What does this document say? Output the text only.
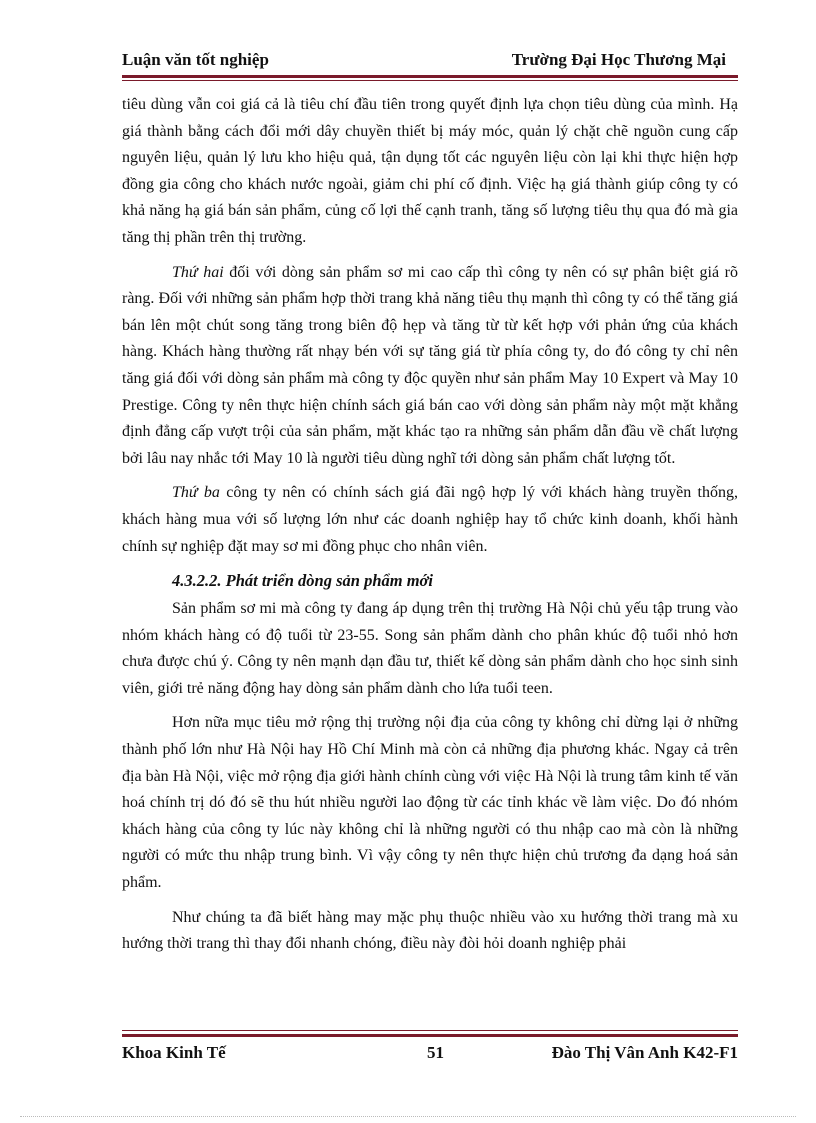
Luận văn tốt nghiệp	Trường Đại Học Thương Mại

tiêu dùng vẫn coi giá cả là tiêu chí đầu tiên trong quyết định lựa chọn tiêu dùng của mình. Hạ giá thành bằng cách đổi mới dây chuyền thiết bị máy móc, quản lý chặt chẽ nguồn cung cấp nguyên liệu, quản lý lưu kho hiệu quả, tận dụng tốt các nguyên liệu còn lại khi thực hiện hợp đồng gia công cho khách nước ngoài, giảm chi phí cố định. Việc hạ giá thành giúp công ty có khả năng hạ giá bán sản phẩm, củng cố lợi thế cạnh tranh, tăng số lượng tiêu thụ qua đó mà gia tăng thị phần trên thị trường.

Thứ hai đối với dòng sản phẩm sơ mi cao cấp thì công ty nên có sự phân biệt giá rõ ràng. Đối với những sản phẩm hợp thời trang khả năng tiêu thụ mạnh thì công ty có thể tăng giá bán lên một chút song tăng trong biên độ hẹp và tăng từ từ kết hợp với phản ứng của khách hàng. Khách hàng thường rất nhạy bén với sự tăng giá từ phía công ty, do đó công ty chỉ nên tăng giá đối với dòng sản phẩm mà công ty độc quyền như sản phẩm May 10 Expert và May 10 Prestige. Công ty nên thực hiện chính sách giá bán cao với dòng sản phẩm này một mặt khẳng định đẳng cấp vượt trội của sản phẩm, mặt khác tạo ra những sản phẩm dẫn đầu về chất lượng bởi lâu nay nhắc tới May 10 là người tiêu dùng nghĩ tới dòng sản phẩm chất lượng tốt.

Thứ ba công ty nên có chính sách giá đãi ngộ hợp lý với khách hàng truyền thống, khách hàng mua với số lượng lớn như các doanh nghiệp hay tổ chức kinh doanh, khối hành chính sự nghiệp đặt may sơ mi đồng phục cho nhân viên.

4.3.2.2. Phát triển dòng sản phẩm mới

Sản phẩm sơ mi mà công ty đang áp dụng trên thị trường Hà Nội chủ yếu tập trung vào nhóm khách hàng có độ tuổi từ 23-55. Song sản phẩm dành cho phân khúc độ tuổi nhỏ hơn chưa được chú ý. Công ty nên mạnh dạn đầu tư, thiết kế dòng sản phẩm dành cho học sinh sinh viên, giới trẻ năng động hay dòng sản phẩm dành cho lứa tuổi teen.

Hơn nữa mục tiêu mở rộng thị trường nội địa của công ty không chỉ dừng lại ở những thành phố lớn như Hà Nội hay Hồ Chí Minh mà còn cả những địa phương khác. Ngay cả trên địa bàn Hà Nội, việc mở rộng địa giới hành chính cùng với việc Hà Nội là trung tâm kinh tế văn hoá chính trị dó đó sẽ thu hút nhiều người lao động từ các tỉnh khác về làm việc. Do đó nhóm khách hàng của công ty lúc này không chỉ là những người có thu nhập cao mà còn là những người có mức thu nhập trung bình. Vì vậy công ty nên thực hiện chủ trương đa dạng hoá sản phẩm.

Như chúng ta đã biết hàng may mặc phụ thuộc nhiều vào xu hướng thời trang mà xu hướng thời trang thì thay đổi nhanh chóng, điều này đòi hỏi doanh nghiệp phải

Khoa Kinh Tế	51	Đào Thị Vân Anh K42-F1
